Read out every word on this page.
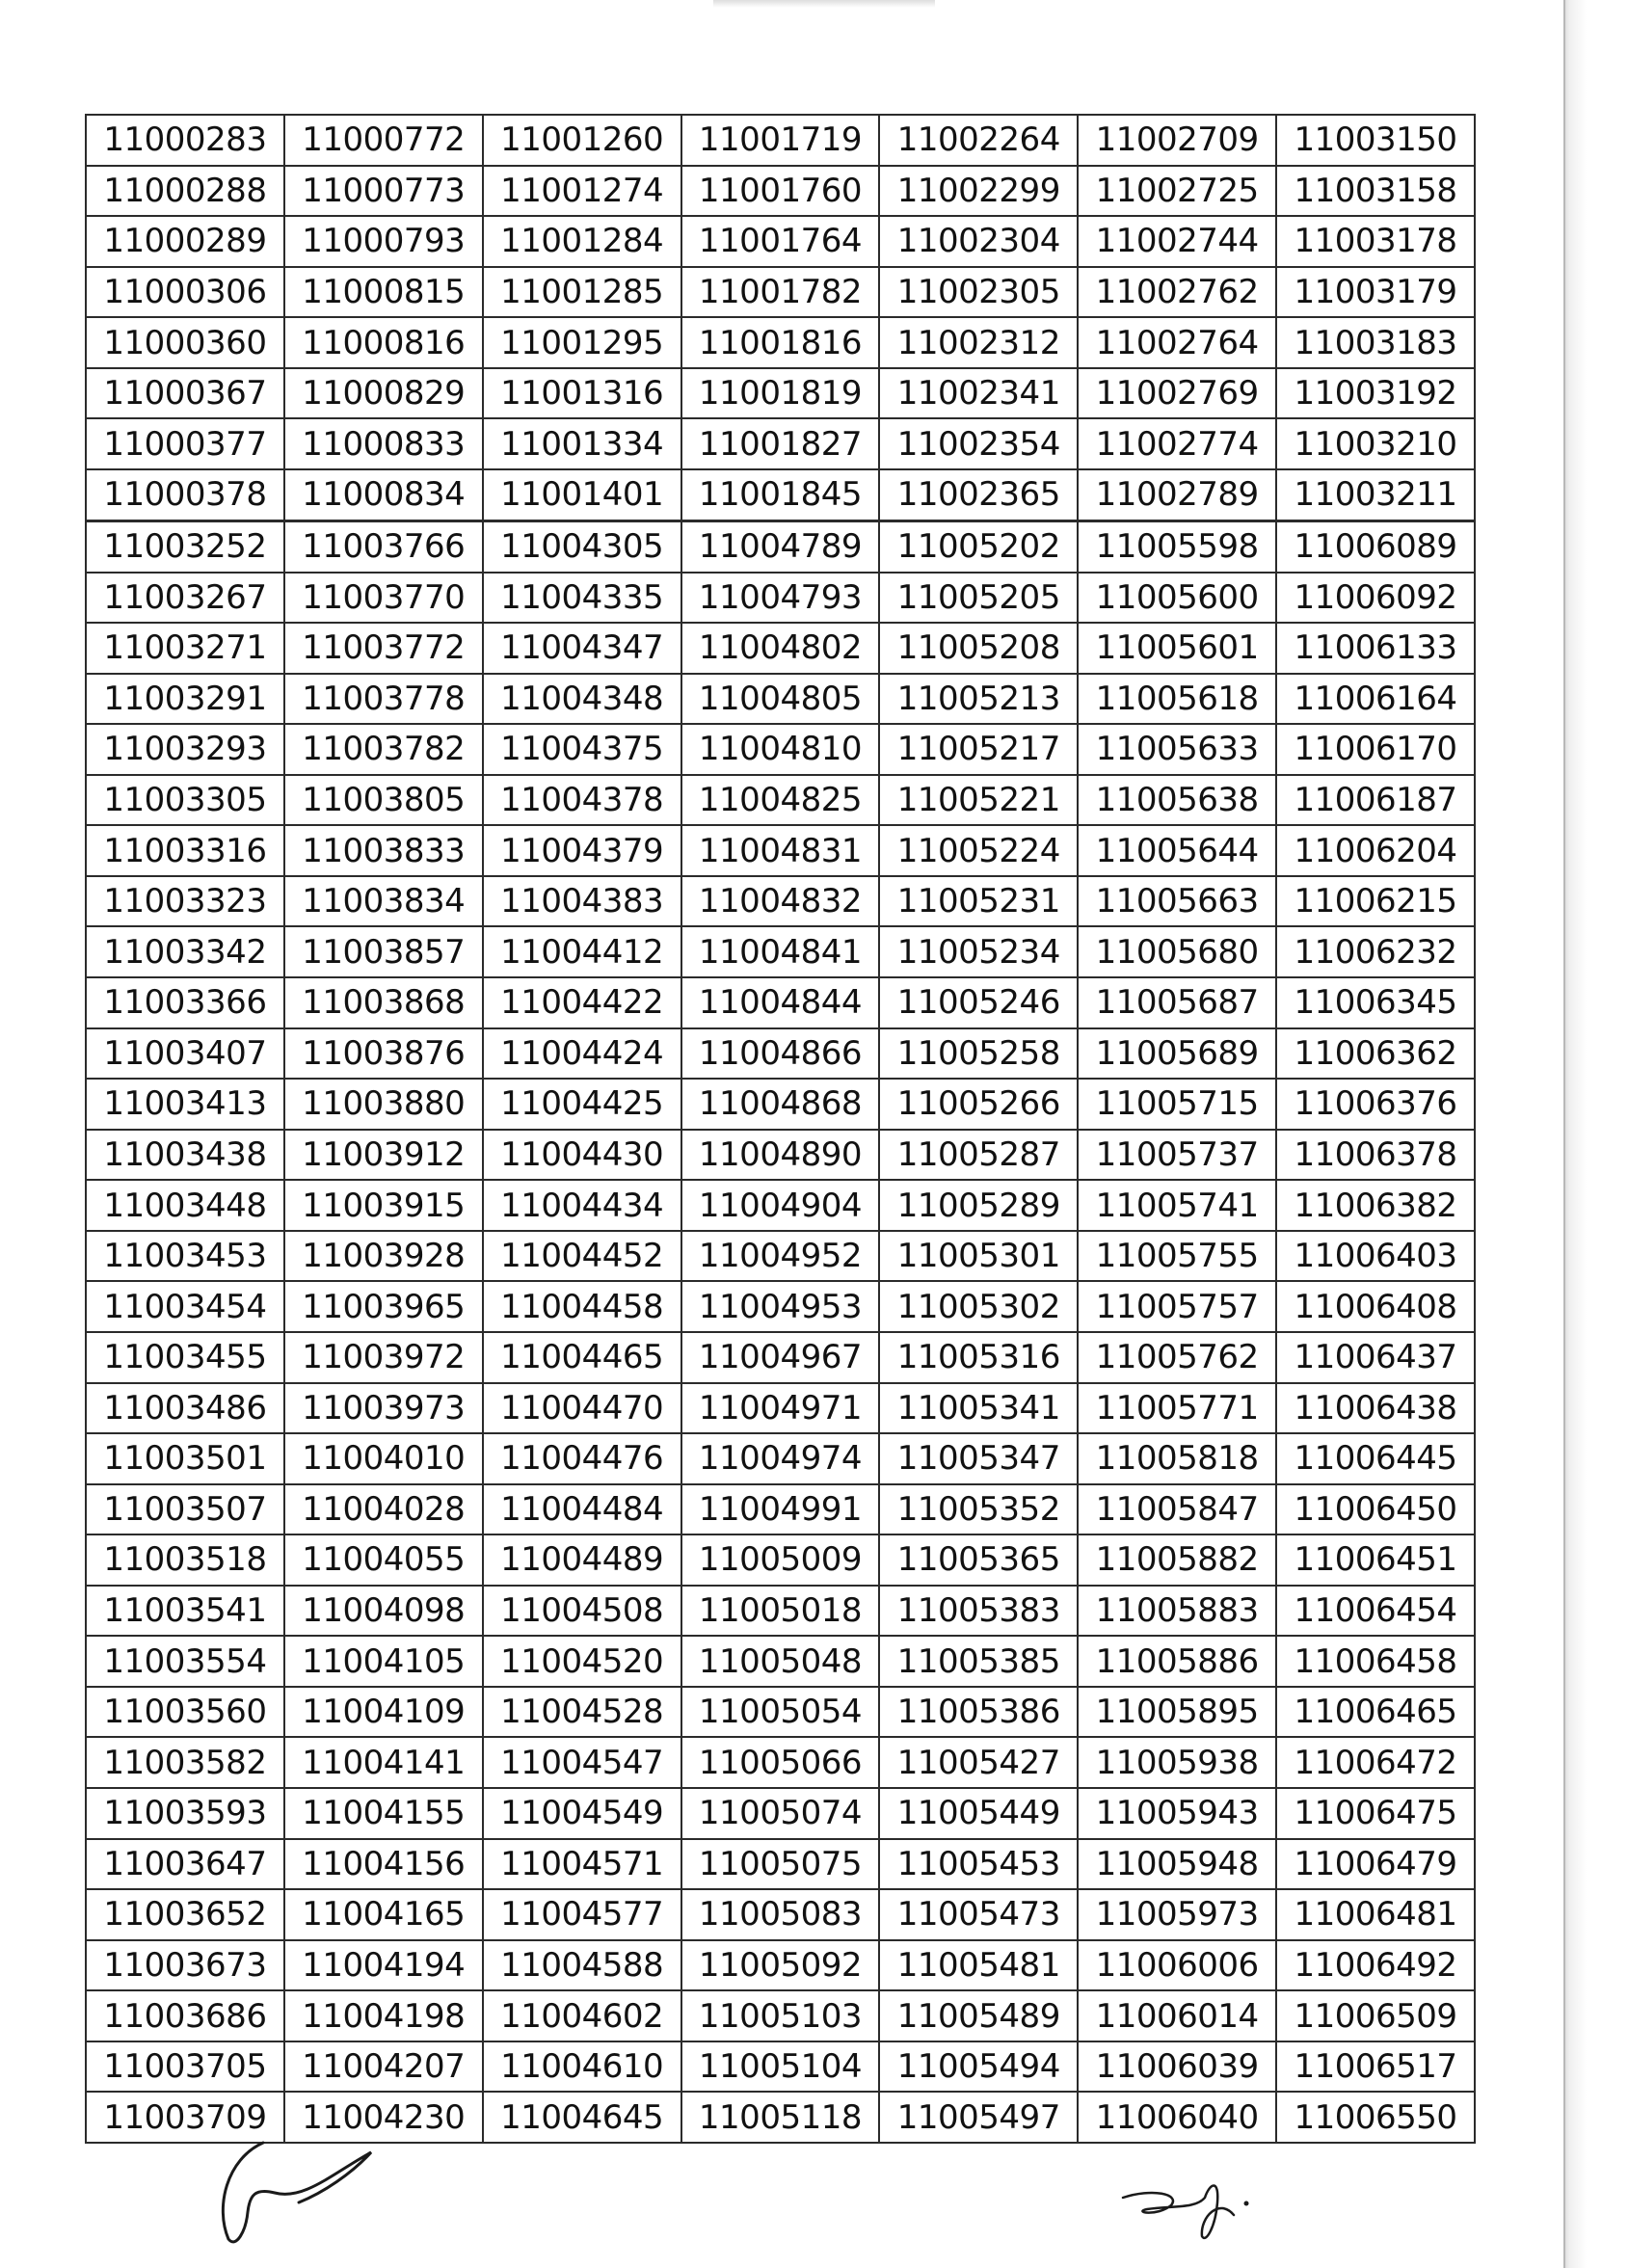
11000283	11000772	11001260	11001719	11002264	11002709	11003150
11000288	11000773	11001274	11001760	11002299	11002725	11003158
11000289	11000793	11001284	11001764	11002304	11002744	11003178
11000306	11000815	11001285	11001782	11002305	11002762	11003179
11000360	11000816	11001295	11001816	11002312	11002764	11003183
11000367	11000829	11001316	11001819	11002341	11002769	11003192
11000377	11000833	11001334	11001827	11002354	11002774	11003210
11000378	11000834	11001401	11001845	11002365	11002789	11003211
11003252	11003766	11004305	11004789	11005202	11005598	11006089
11003267	11003770	11004335	11004793	11005205	11005600	11006092
11003271	11003772	11004347	11004802	11005208	11005601	11006133
11003291	11003778	11004348	11004805	11005213	11005618	11006164
11003293	11003782	11004375	11004810	11005217	11005633	11006170
11003305	11003805	11004378	11004825	11005221	11005638	11006187
11003316	11003833	11004379	11004831	11005224	11005644	11006204
11003323	11003834	11004383	11004832	11005231	11005663	11006215
11003342	11003857	11004412	11004841	11005234	11005680	11006232
11003366	11003868	11004422	11004844	11005246	11005687	11006345
11003407	11003876	11004424	11004866	11005258	11005689	11006362
11003413	11003880	11004425	11004868	11005266	11005715	11006376
11003438	11003912	11004430	11004890	11005287	11005737	11006378
11003448	11003915	11004434	11004904	11005289	11005741	11006382
11003453	11003928	11004452	11004952	11005301	11005755	11006403
11003454	11003965	11004458	11004953	11005302	11005757	11006408
11003455	11003972	11004465	11004967	11005316	11005762	11006437
11003486	11003973	11004470	11004971	11005341	11005771	11006438
11003501	11004010	11004476	11004974	11005347	11005818	11006445
11003507	11004028	11004484	11004991	11005352	11005847	11006450
11003518	11004055	11004489	11005009	11005365	11005882	11006451
11003541	11004098	11004508	11005018	11005383	11005883	11006454
11003554	11004105	11004520	11005048	11005385	11005886	11006458
11003560	11004109	11004528	11005054	11005386	11005895	11006465
11003582	11004141	11004547	11005066	11005427	11005938	11006472
11003593	11004155	11004549	11005074	11005449	11005943	11006475
11003647	11004156	11004571	11005075	11005453	11005948	11006479
11003652	11004165	11004577	11005083	11005473	11005973	11006481
11003673	11004194	11004588	11005092	11005481	11006006	11006492
11003686	11004198	11004602	11005103	11005489	11006014	11006509
11003705	11004207	11004610	11005104	11005494	11006039	11006517
11003709	11004230	11004645	11005118	11005497	11006040	11006550
